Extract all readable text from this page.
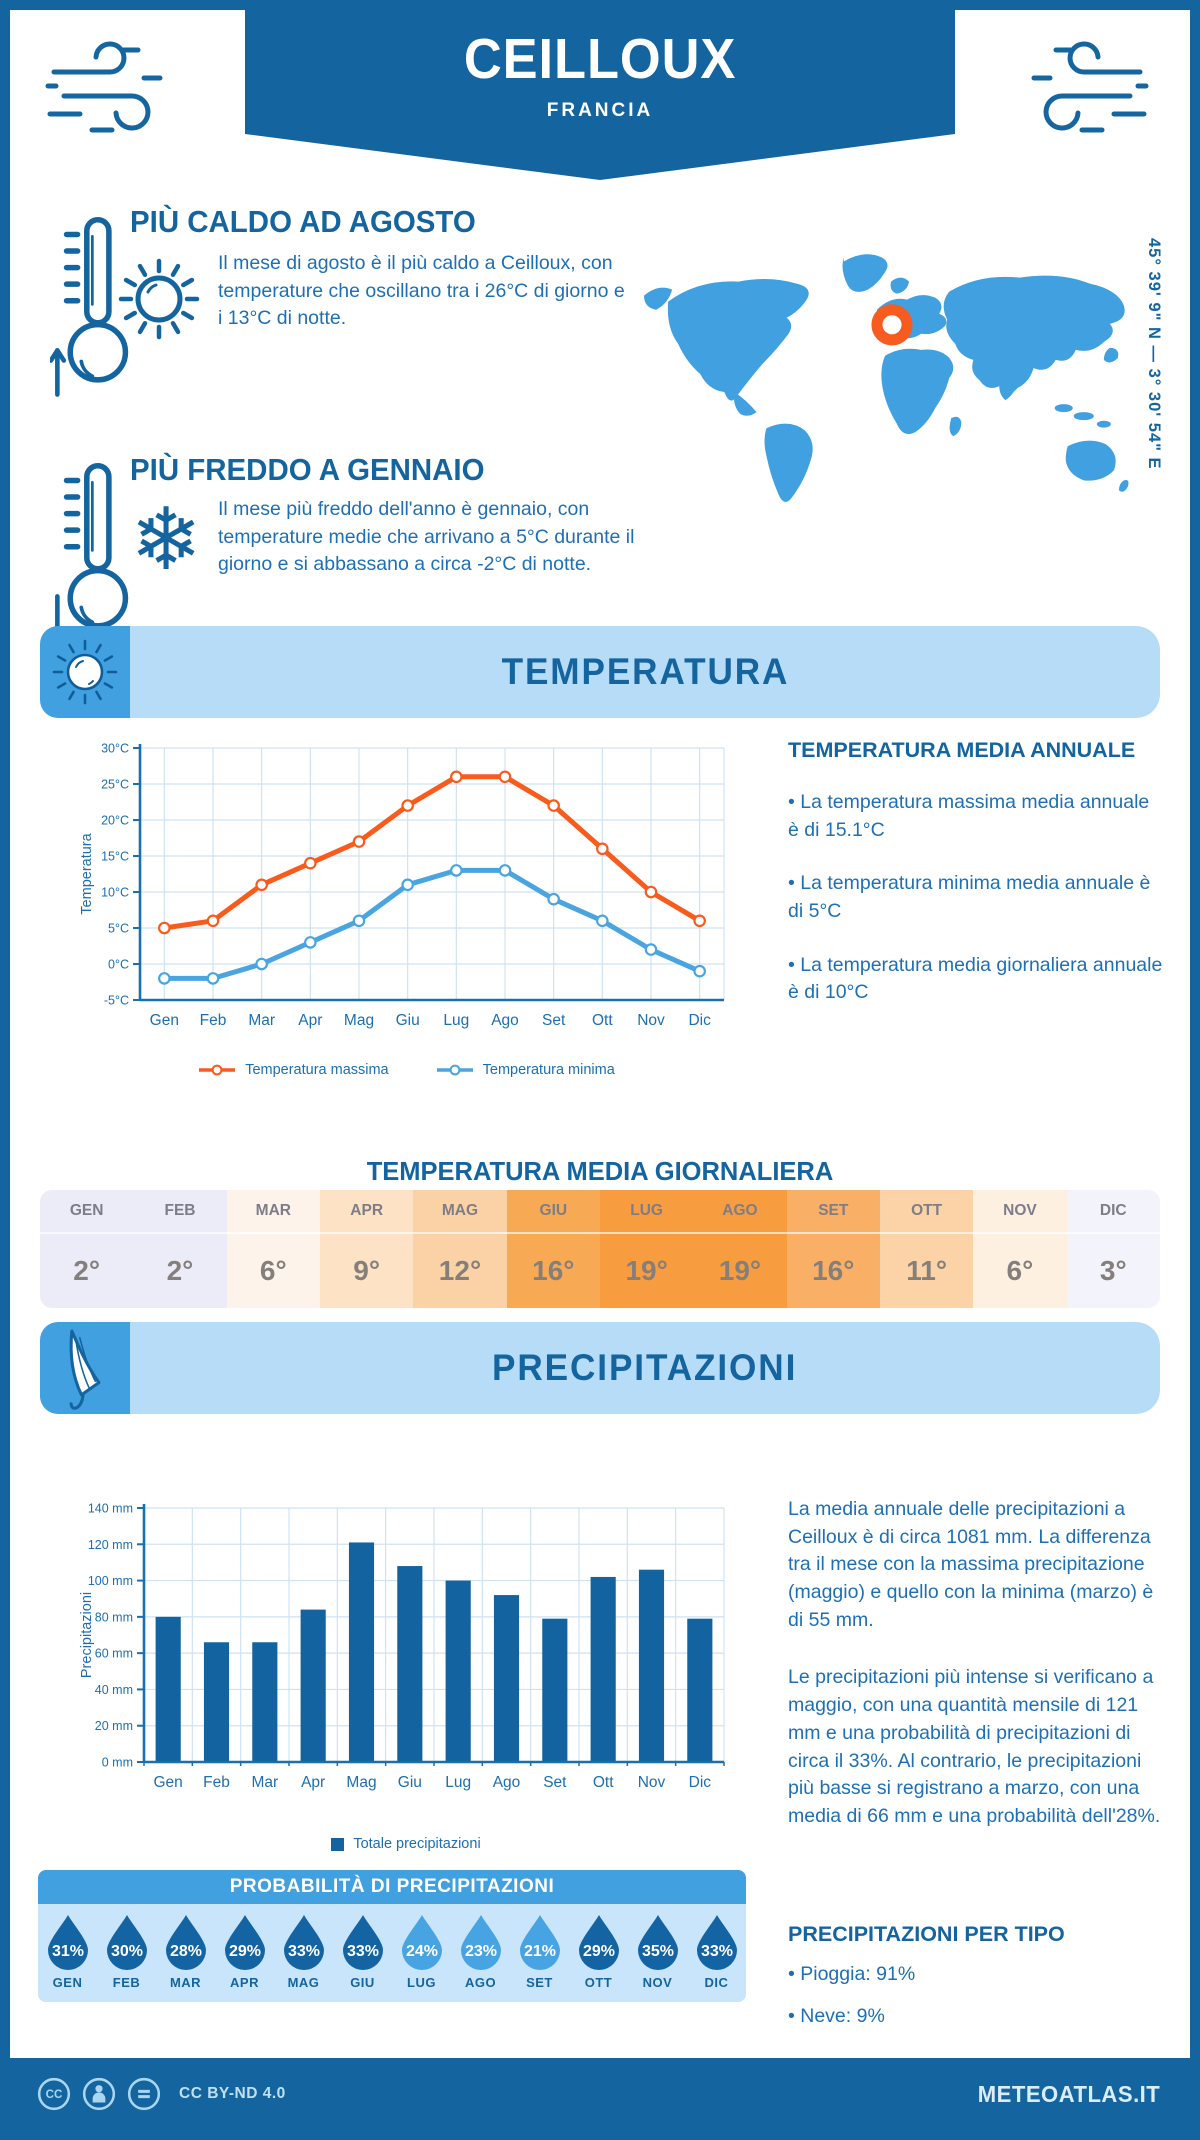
CEILLOUX
FRANCIA
PIÙ CALDO AD AGOSTO
Il mese di agosto è il più caldo a Ceilloux, con temperature che oscillano tra i 26°C di giorno e i 13°C di notte.
❄
PIÙ FREDDO A GENNAIO
Il mese più freddo dell'anno è gennaio, con temperature medie che arrivano a 5°C durante il giorno e si abbassano a circa -2°C di notte.
45° 39' 9" N — 3° 30' 54" E
TEMPERATURA
-5°C
0°C
5°C
10°C
15°C
20°C
25°C
30°C
Gen Feb Mar Apr Mag Giu Lug Ago Set Ott Nov Dic
Temperatura
Temperatura massima	Temperatura minima
TEMPERATURA MEDIA ANNUALE

• La temperatura massima media annuale è di 15.1°C

• La temperatura minima media annuale è di 5°C

• La temperatura media giornaliera annuale è di 10°C

TEMPERATURA MEDIA GIORNALIERA
GEN
2°
FEB
2°
MAR
6°
APR
9°
MAG
12°
GIU
16°
LUG
19°
AGO
19°
SET
16°
OTT
11°
NOV
6°
DIC
3°
PRECIPITAZIONI
0 mm
20 mm
40 mm
60 mm
80 mm
100 mm
120 mm
140 mm
Gen Feb Mar Apr Mag Giu Lug Ago Set Ott Nov Dic
Precipitazioni
Totale precipitazioni

La media annuale delle precipitazioni a Ceilloux è di circa 1081 mm. La differenza tra il mese con la massima precipitazione (maggio) e quello con la minima (marzo) è di 55 mm.

Le precipitazioni più intense si verificano a maggio, con una quantità mensile di 121 mm e una probabilità di precipitazioni di circa il 33%. Al contrario, le precipitazioni più basse si registrano a marzo, con una media di 66 mm e una probabilità dell'28%.

PROBABILITÀ DI PRECIPITAZIONI
31%
GEN
30%
FEB
28%
MAR
29%
APR
33%
MAG
33%
GIU
24%
LUG
23%
AGO
21%
SET
29%
OTT
35%
NOV
33%
DIC
PRECIPITAZIONI PER TIPO

• Pioggia: 91%

• Neve: 9%

CC	CC BY-ND 4.0	METEOATLAS.IT
